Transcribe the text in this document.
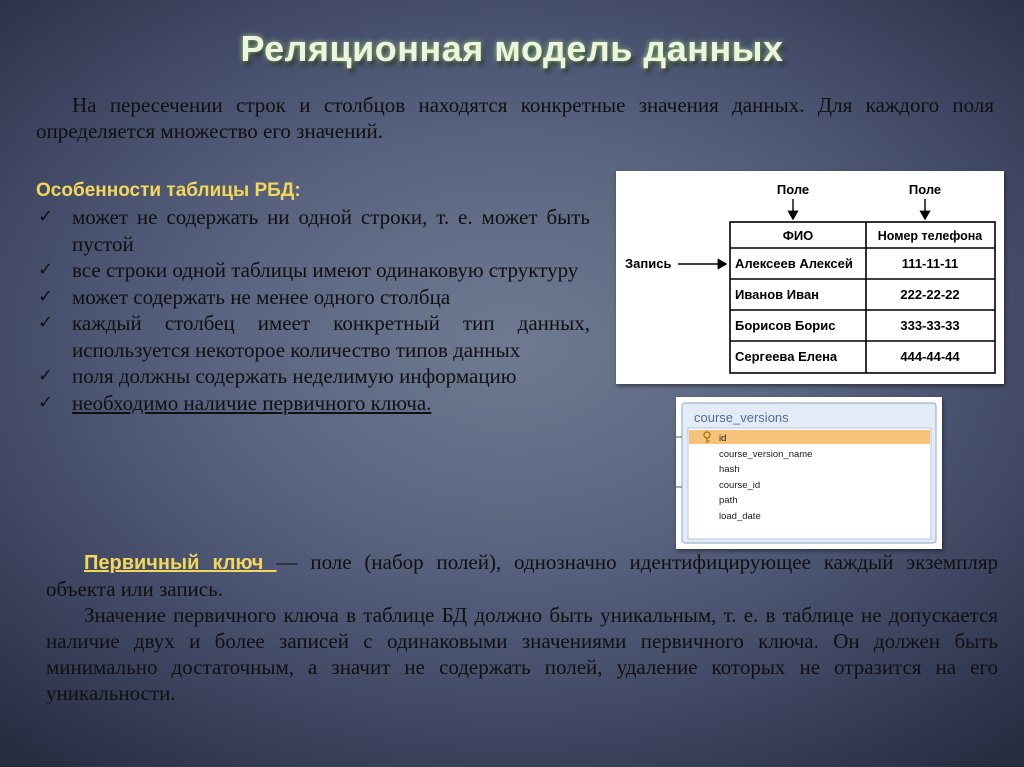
Реляционная модель данных

На пересечении строк и столбцов находятся конкретные значения данных. Для каждого поля определяется множество его значений.

Особенности таблицы РБД:
✓ может не содержать ни одной строки, т. е. может быть пустой
✓ все строки одной таблицы имеют одинаковую структуру
✓ может содержать не менее одного столбца
✓ каждый столбец имеет конкретный тип данных, используется некоторое количество типов данных
✓ поля должны содержать неделимую информацию
✓ необходимо наличие первичного ключа.
Поле	Поле
Запись
ФИО	Номер телефона
Алексеев Алексей	111-11-11
Иванов Иван	222-22-22
Борисов Борис	333-33-33
Сергеева Елена	444-44-44
course_versions
id
course_version_name
hash
course_id
path
load_date

Первичный ключ — поле (набор полей), однозначно идентифицирующее каждый экземпляр объекта или запись.

Значение первичного ключа в таблице БД должно быть уникальным, т. е. в таблице не допускается наличие двух и более записей с одинаковыми значениями первичного ключа. Он должен быть минимально достаточным, а значит не содержать полей, удаление которых не отразится на его уникальности.
